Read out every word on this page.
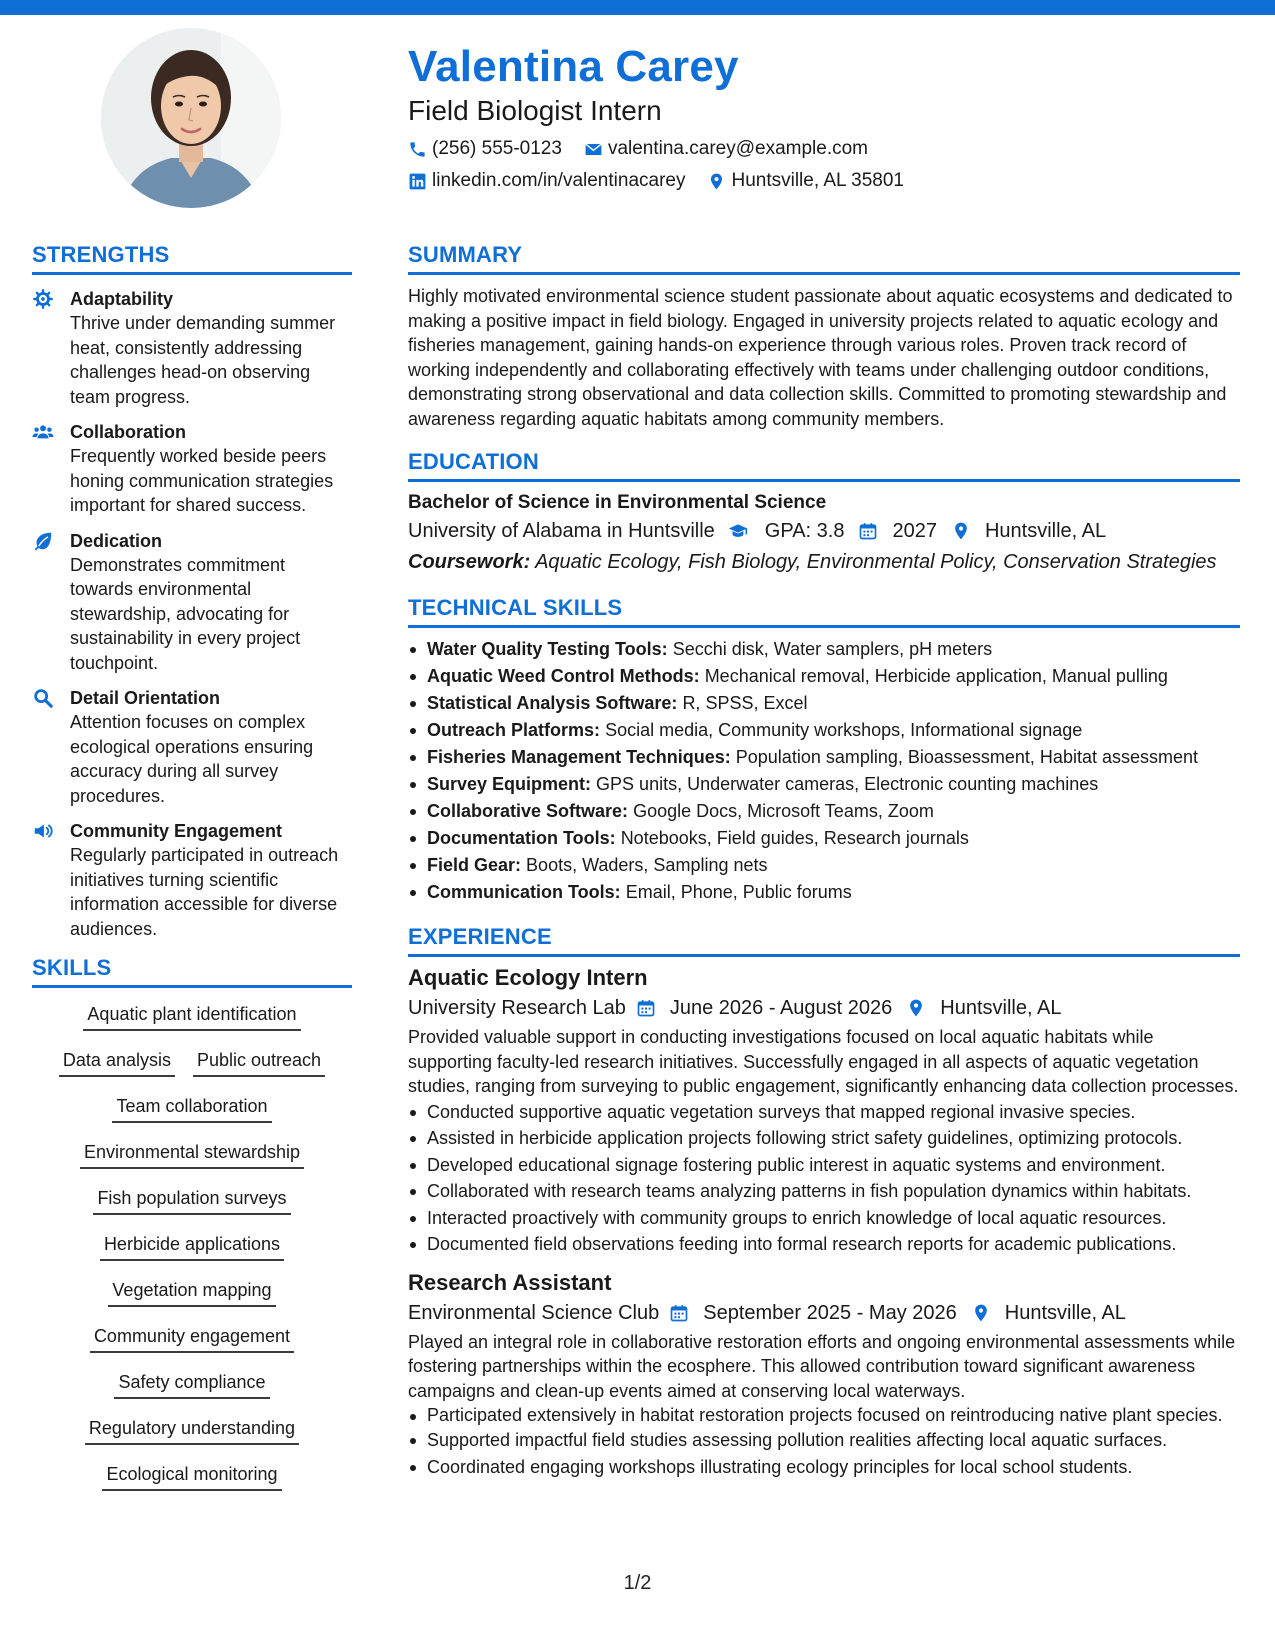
Valentina Carey
Field Biologist Intern
(256) 555-0123 valentina.carey@example.com
linkedin.com/in/valentinacarey Huntsville, AL 35801
STRENGTHS
Adaptability
Thrive under demanding summer heat, consistently addressing challenges head-on observing team progress.
Collaboration
Frequently worked beside peers honing communication strategies important for shared success.
Dedication
Demonstrates commitment towards environmental stewardship, advocating for sustainability in every project touchpoint.
Detail Orientation
Attention focuses on complex ecological operations ensuring accuracy during all survey procedures.
Community Engagement
Regularly participated in outreach initiatives turning scientific information accessible for diverse audiences.
SKILLS
Aquatic plant identification
Data analysis Public outreach
Team collaboration
Environmental stewardship
Fish population surveys
Herbicide applications
Vegetation mapping
Community engagement
Safety compliance
Regulatory understanding
Ecological monitoring
SUMMARY
Highly motivated environmental science student passionate about aquatic ecosystems and dedicated to making a positive impact in field biology. Engaged in university projects related to aquatic ecology and fisheries management, gaining hands-on experience through various roles. Proven track record of working independently and collaborating effectively with teams under challenging outdoor conditions, demonstrating strong observational and data collection skills. Committed to promoting stewardship and awareness regarding aquatic habitats among community members.
EDUCATION
Bachelor of Science in Environmental Science
University of Alabama in Huntsville	GPA: 3.8 2027 Huntsville, AL
Coursework: Aquatic Ecology, Fish Biology, Environmental Policy, Conservation Strategies
TECHNICAL SKILLS
Water Quality Testing Tools: Secchi disk, Water samplers, pH meters
Aquatic Weed Control Methods: Mechanical removal, Herbicide application, Manual pulling
Statistical Analysis Software: R, SPSS, Excel
Outreach Platforms: Social media, Community workshops, Informational signage
Fisheries Management Techniques: Population sampling, Bioassessment, Habitat assessment
Survey Equipment: GPS units, Underwater cameras, Electronic counting machines
Collaborative Software: Google Docs, Microsoft Teams, Zoom
Documentation Tools: Notebooks, Field guides, Research journals
Field Gear: Boots, Waders, Sampling nets
Communication Tools: Email, Phone, Public forums
EXPERIENCE
Aquatic Ecology Intern
University Research Lab June 2026 - August 2026 Huntsville, AL
Provided valuable support in conducting investigations focused on local aquatic habitats while supporting faculty-led research initiatives. Successfully engaged in all aspects of aquatic vegetation studies, ranging from surveying to public engagement, significantly enhancing data collection processes.
Conducted supportive aquatic vegetation surveys that mapped regional invasive species.
Assisted in herbicide application projects following strict safety guidelines, optimizing protocols.
Developed educational signage fostering public interest in aquatic systems and environment.
Collaborated with research teams analyzing patterns in fish population dynamics within habitats.
Interacted proactively with community groups to enrich knowledge of local aquatic resources.
Documented field observations feeding into formal research reports for academic publications.
Research Assistant
Environmental Science Club September 2025 - May 2026 Huntsville, AL
Played an integral role in collaborative restoration efforts and ongoing environmental assessments while fostering partnerships within the ecosphere. This allowed contribution toward significant awareness campaigns and clean-up events aimed at conserving local waterways.
Participated extensively in habitat restoration projects focused on reintroducing native plant species.
Supported impactful field studies assessing pollution realities affecting local aquatic surfaces.
Coordinated engaging workshops illustrating ecology principles for local school students.
1/2
